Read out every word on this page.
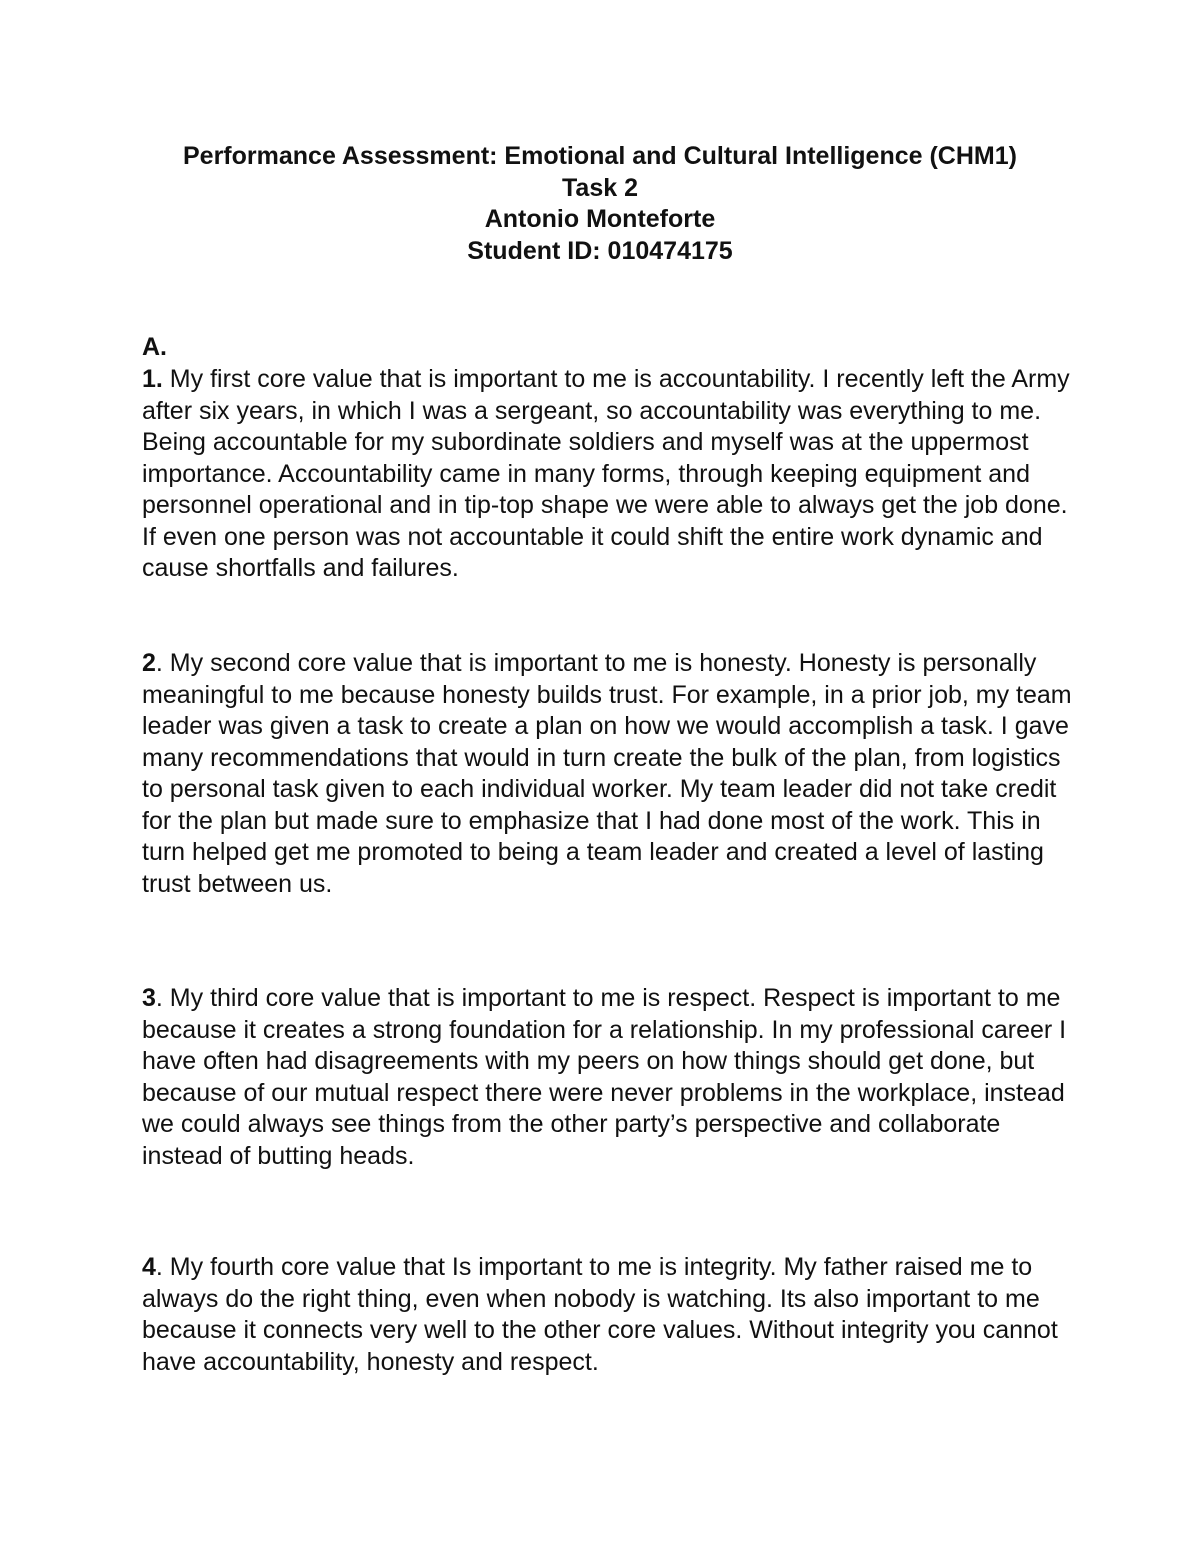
Performance Assessment: Emotional and Cultural Intelligence (CHM1)
Task 2
Antonio Monteforte
Student ID: 010474175
A.

1. My first core value that is important to me is accountability. I recently left the Army after six years, in which I was a sergeant, so accountability was everything to me. Being accountable for my subordinate soldiers and myself was at the uppermost importance. Accountability came in many forms, through keeping equipment and personnel operational and in tip-top shape we were able to always get the job done. If even one person was not accountable it could shift the entire work dynamic and cause shortfalls and failures.

2. My second core value that is important to me is honesty. Honesty is personally meaningful to me because honesty builds trust. For example, in a prior job, my team leader was given a task to create a plan on how we would accomplish a task. I gave many recommendations that would in turn create the bulk of the plan, from logistics to personal task given to each individual worker. My team leader did not take credit for the plan but made sure to emphasize that I had done most of the work. This in turn helped get me promoted to being a team leader and created a level of lasting trust between us.

3. My third core value that is important to me is respect. Respect is important to me because it creates a strong foundation for a relationship. In my professional career I have often had disagreements with my peers on how things should get done, but because of our mutual respect there were never problems in the workplace, instead we could always see things from the other party’s perspective and collaborate instead of butting heads.

4. My fourth core value that Is important to me is integrity. My father raised me to always do the right thing, even when nobody is watching. Its also important to me because it connects very well to the other core values. Without integrity you cannot have accountability, honesty and respect.
